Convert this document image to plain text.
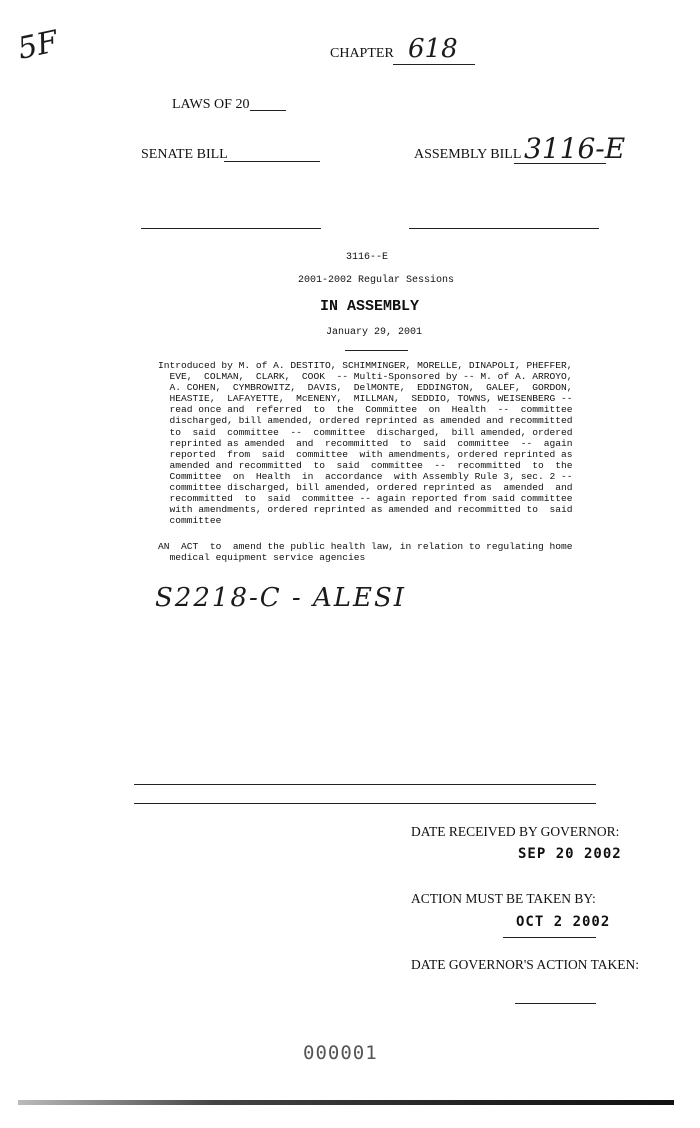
5F	CHAPTER 618
LAWS OF 20
SENATE BILL	ASSEMBLY BILL 3116-E
3116--E
2001-2002 Regular Sessions
IN ASSEMBLY
January 29, 2001
Introduced by M. of A. DESTITO, SCHIMMINGER, MORELLE, DINAPOLI, PHEFFER,
EVE,  COLMAN,  CLARK,  COOK  -- Multi-Sponsored by -- M. of A. ARROYO,
A. COHEN,  CYMBROWITZ,  DAVIS,  DelMONTE,  EDDINGTON,  GALEF,  GORDON,
HEASTIE,  LAFAYETTE,  McENENY,  MILLMAN,  SEDDIO, TOWNS, WEISENBERG --
read once and  referred  to  the  Committee  on  Health  --  committee
discharged, bill amended, ordered reprinted as amended and recommitted
to  said  committee  --  committee  discharged,  bill amended, ordered
reprinted as amended  and  recommitted  to  said  committee  --  again
reported  from  said  committee  with amendments, ordered reprinted as
amended and recommitted  to  said  committee  --  recommitted  to  the
Committee  on  Health  in  accordance  with Assembly Rule 3, sec. 2 --
committee discharged, bill amended, ordered reprinted as  amended  and
recommitted  to  said  committee -- again reported from said committee
with amendments, ordered reprinted as amended and recommitted to  said
committee
AN  ACT  to  amend the public health law, in relation to regulating home
medical equipment service agencies
S2218-C - ALESI
DATE RECEIVED BY GOVERNOR:
SEP 20 2002
ACTION MUST BE TAKEN BY:
OCT 2 2002
DATE GOVERNOR'S ACTION TAKEN:
000001
